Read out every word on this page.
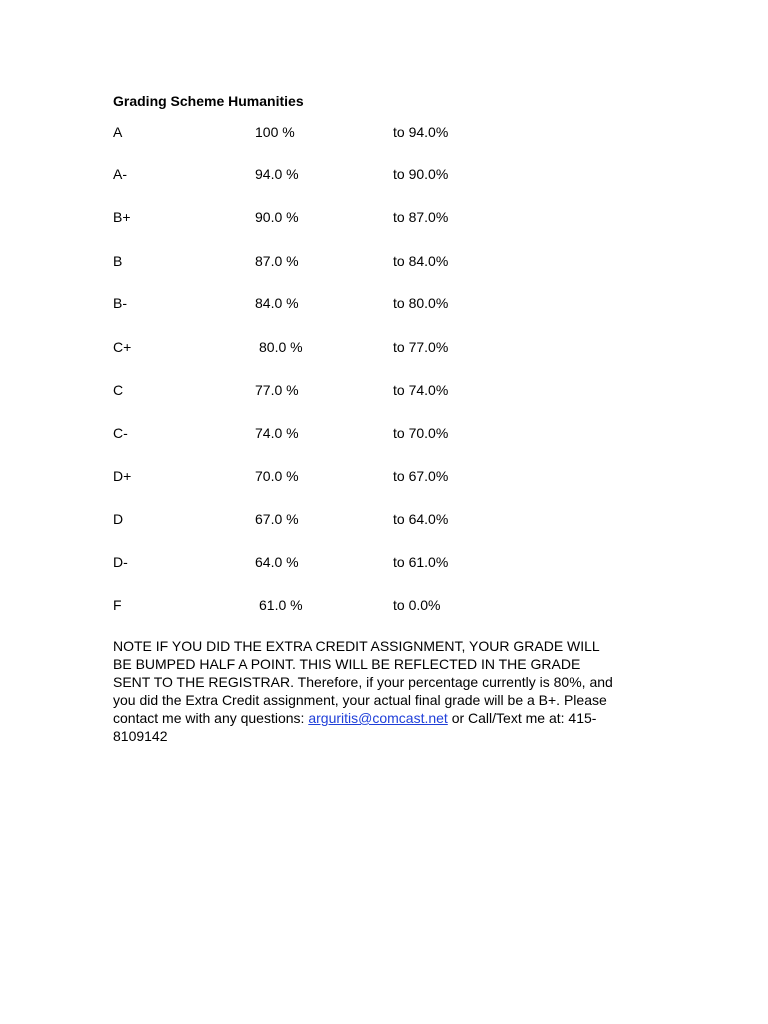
Grading Scheme Humanities
A	100 %	to 94.0%
A-	94.0 %	to 90.0%
B+	90.0 %	to 87.0%
B	87.0 %	to 84.0%
B-	84.0 %	to 80.0%
C+	80.0 %	to 77.0%
C	77.0 %	to 74.0%
C-	74.0 %	to 70.0%
D+	70.0 %	to 67.0%
D	67.0 %	to 64.0%
D-	64.0 %	to 61.0%
F	61.0 %	to 0.0%
NOTE IF YOU DID THE EXTRA CREDIT ASSIGNMENT, YOUR GRADE WILL
BE BUMPED HALF A POINT. THIS WILL BE REFLECTED IN THE GRADE
SENT TO THE REGISTRAR. Therefore, if your percentage currently is 80%, and
you did the Extra Credit assignment, your actual final grade will be a B+. Please
contact me with any questions: arguritis@comcast.net or Call/Text me at: 415-
8109142
